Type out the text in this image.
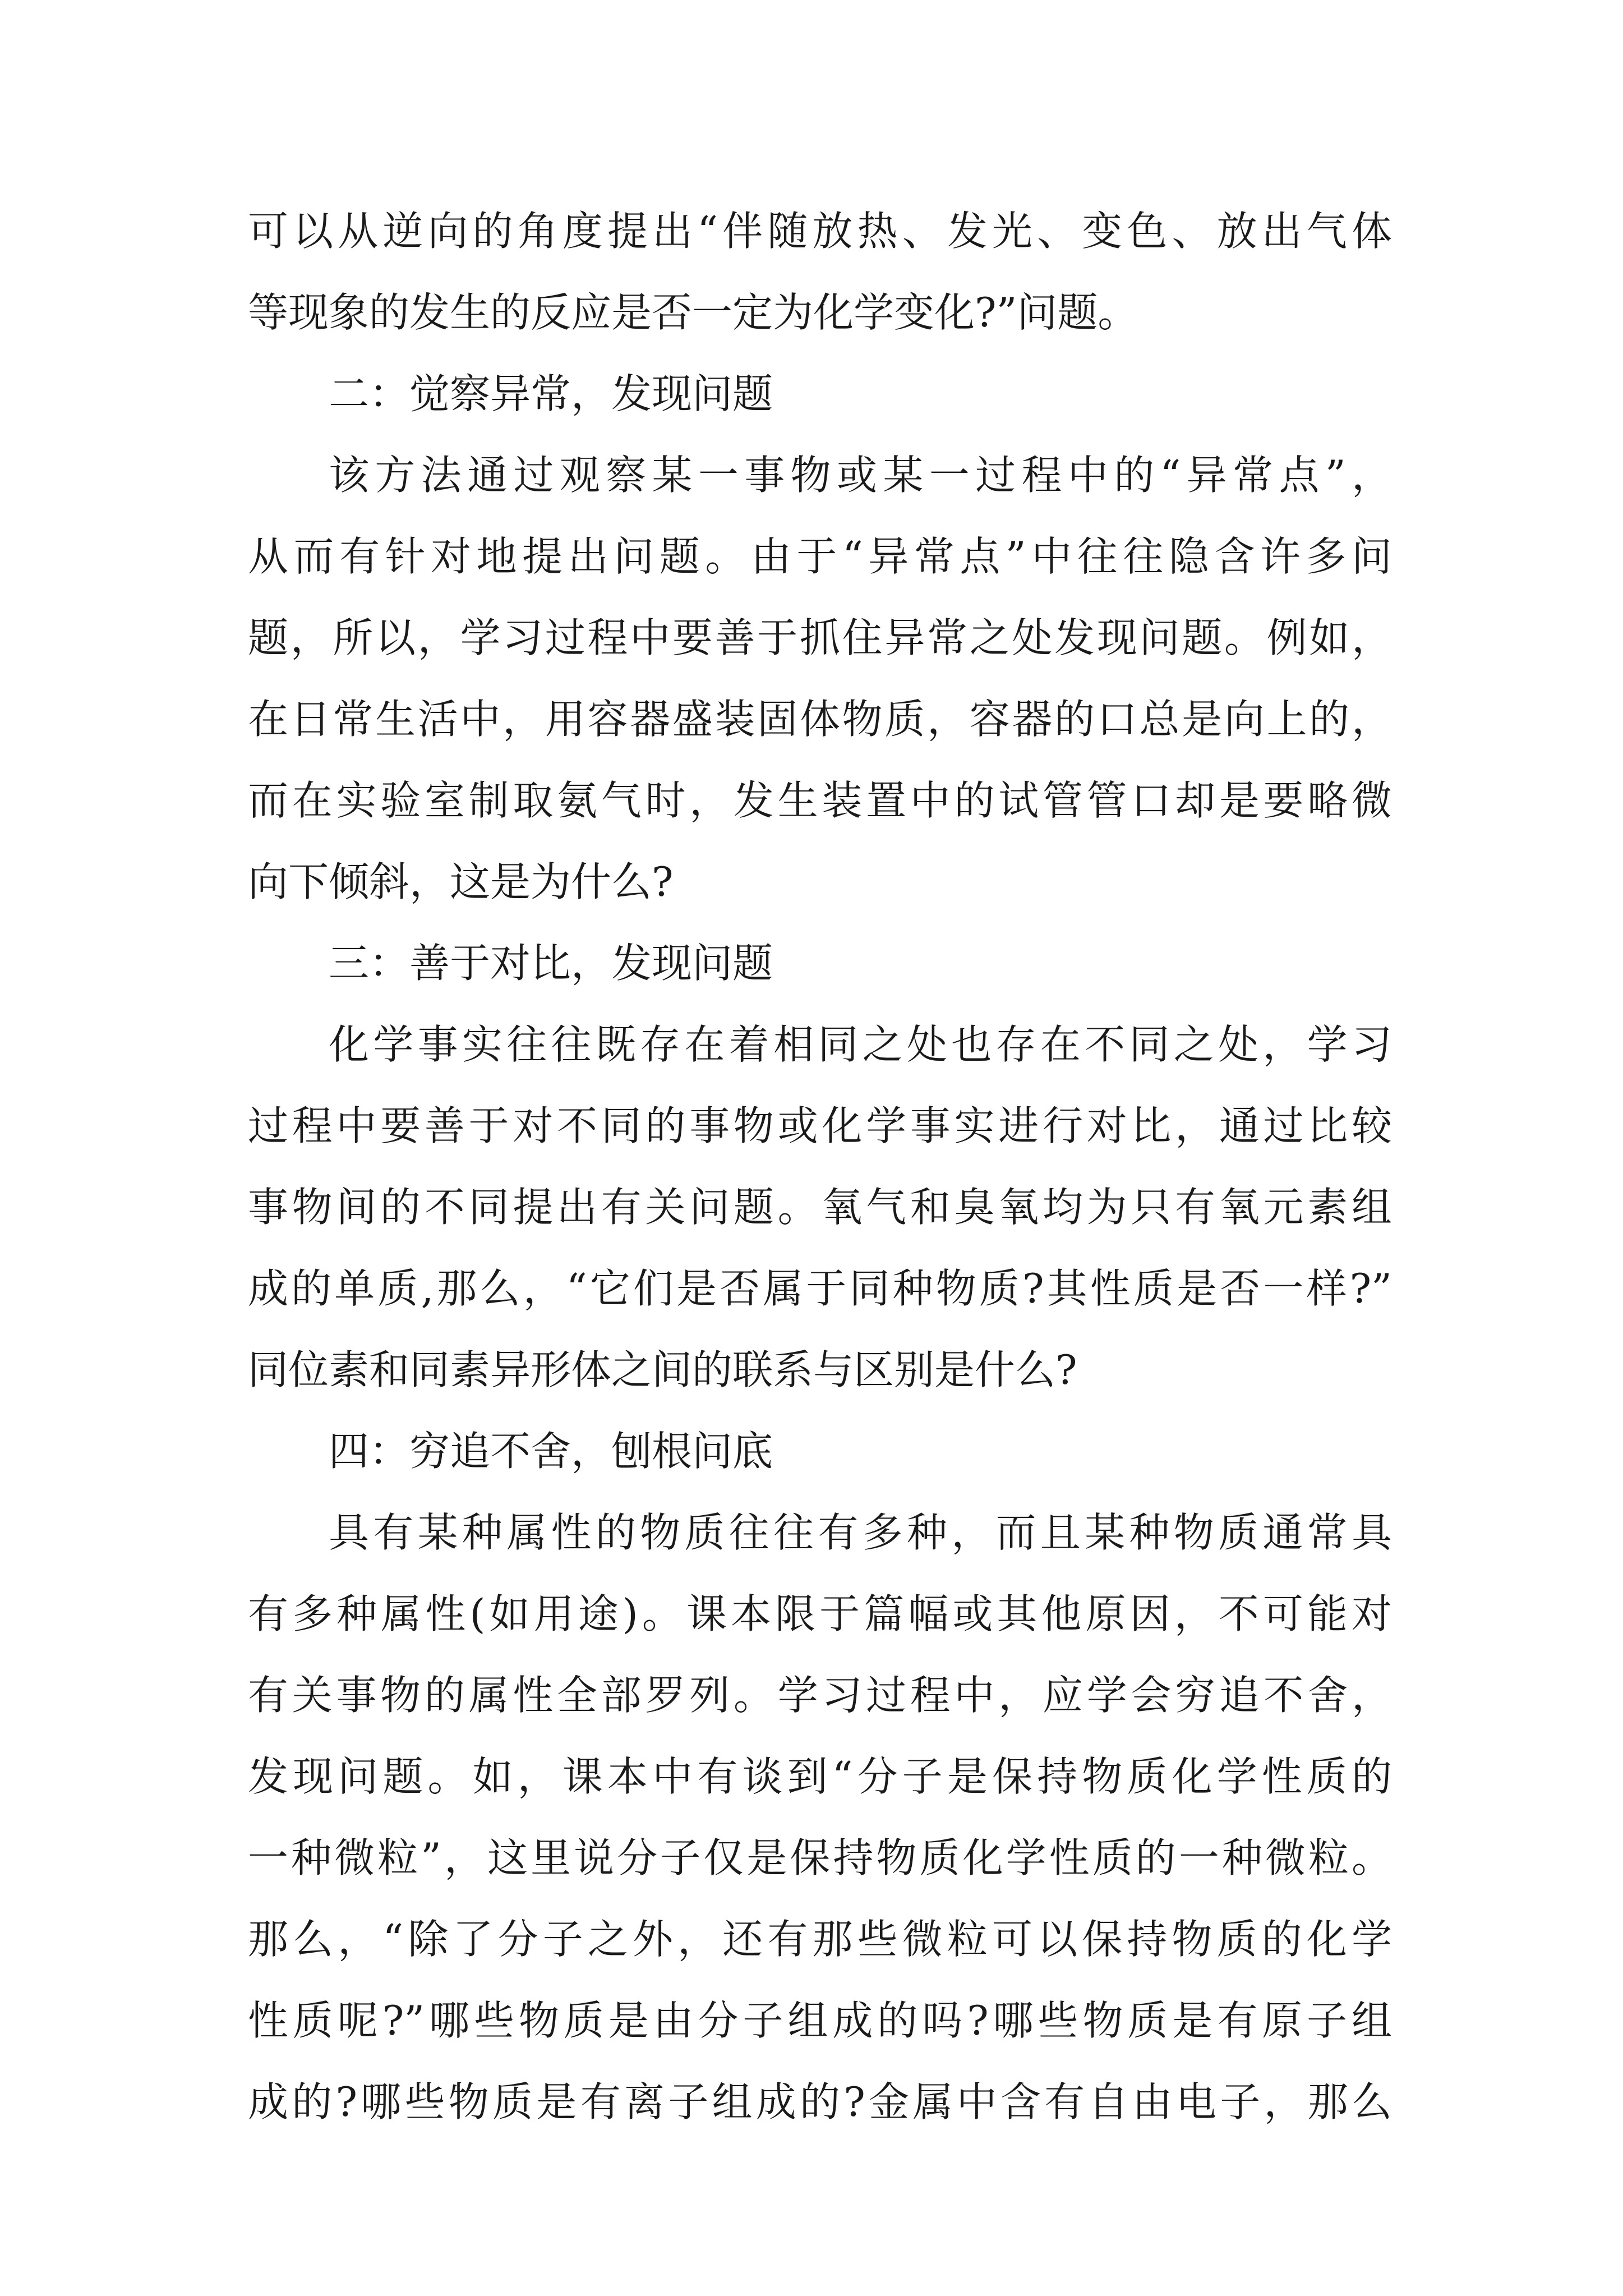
可以从逆向的角度提出“伴随放热、发光、变色、放出气体
等现象的发生的反应是否一定为化学变化?”问题。
二：觉察异常，发现问题
该方法通过观察某一事物或某一过程中的“异常点”，
从而有针对地提出问题。由于“异常点”中往往隐含许多问
题，所以，学习过程中要善于抓住异常之处发现问题。例如，
在日常生活中，用容器盛装固体物质，容器的口总是向上的，
而在实验室制取氨气时，发生装置中的试管管口却是要略微
向下倾斜，这是为什么?
三：善于对比，发现问题
化学事实往往既存在着相同之处也存在不同之处，学习
过程中要善于对不同的事物或化学事实进行对比，通过比较
事物间的不同提出有关问题。氧气和臭氧均为只有氧元素组
成的单质,那么，“它们是否属于同种物质?其性质是否一样?”
同位素和同素异形体之间的联系与区别是什么?
四：穷追不舍，刨根问底
具有某种属性的物质往往有多种，而且某种物质通常具
有多种属性(如用途)。课本限于篇幅或其他原因，不可能对
有关事物的属性全部罗列。学习过程中，应学会穷追不舍，
发现问题。如，课本中有谈到“分子是保持物质化学性质的
一种微粒”，这里说分子仅是保持物质化学性质的一种微粒。
那么，“除了分子之外，还有那些微粒可以保持物质的化学
性质呢?”哪些物质是由分子组成的吗?哪些物质是有原子组
成的?哪些物质是有离子组成的?金属中含有自由电子，那么
